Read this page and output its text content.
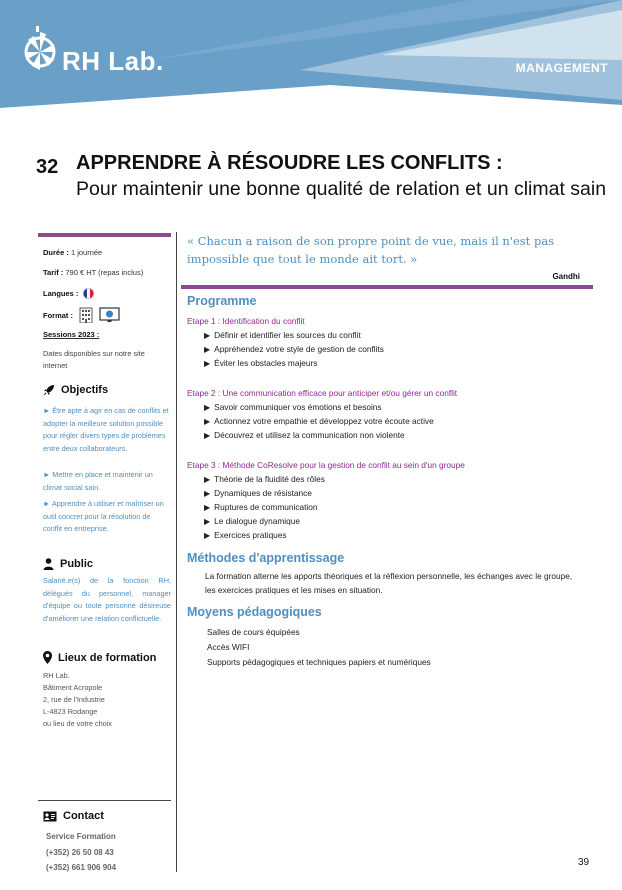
RH Lab.	MANAGEMENT
32 APPRENDRE À RÉSOUDRE LES CONFLITS :
Pour maintenir une bonne qualité de relation et un climat sain
Durée : 1 journée
Tarif : 790 € HT (repas inclus)
Langues :
Format :
Sessions 2023 :
Dates disponibles sur notre site internet
Objectifs
► Être apte à agir en cas de conflits et adopter la meilleure solution possible pour régler divers types de problèmes entre deux collaborateurs.
► Mettre en place et maintenir un climat social sain.
► Apprendre à utiliser et maîtriser un outil concret pour la résolution de conflit en entreprise.
Public
Salarié.e(s) de la fonction RH, délégués du personnel, manager d'équipe ou toute personne désireuse d'améliorer une relation conflictuelle.
Lieux de formation
RH Lab.
Bâtiment Acropole
2, rue de l'Industrie
L-4823 Rodange
ou lieu de votre choix
Contact
Service Formation
(+352) 26 50 08 43
(+352) 661 906 904
« Chacun a raison de son propre point de vue, mais il n'est pas impossible que tout le monde ait tort. »
Gandhi
Programme
Etape 1 : Identification du conflit
▶ Définir et identifier les sources du conflit
▶ Appréhendez votre style de gestion de conflits
▶ Éviter les obstacles majeurs
Etape 2 : Une communication efficace pour anticiper et/ou gérer un conflit
▶ Savoir communiquer vos émotions et besoins
▶ Actionnez votre empathie et développez votre écoute active
▶ Découvrez et utilisez la communication non violente
Etape 3 : Méthode CoResolve pour la gestion de conflit au sein d'un groupe
▶ Théorie de la fluidité des rôles
▶ Dynamiques de résistance
▶ Ruptures de communication
▶ Le dialogue dynamique
▶ Exercices pratiques
Méthodes d'apprentissage
La formation alterne les apports théoriques et la réflexion personnelle, les échanges avec le groupe, les exercices pratiques et les mises en situation.
Moyens pédagogiques
Salles de cours équipées
Accès WIFI
Supports pédagogiques et techniques papiers et numériques
39
